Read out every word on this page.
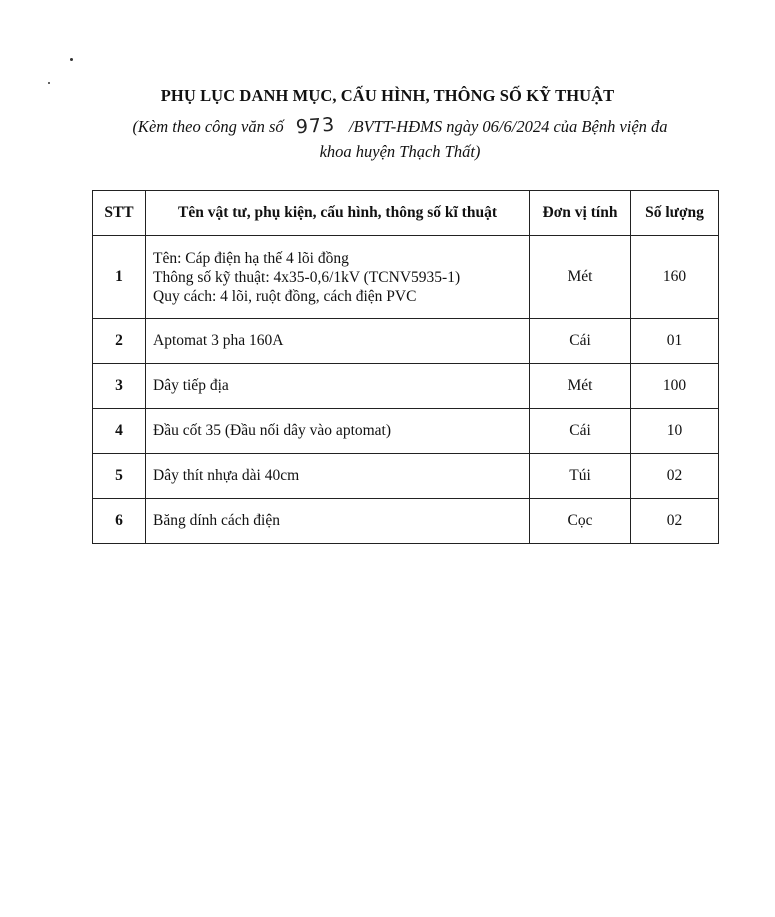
PHỤ LỤC DANH MỤC, CẤU HÌNH, THÔNG SỐ KỸ THUẬT
(Kèm theo công văn số 973 /BVTT-HĐMS ngày 06/6/2024 của Bệnh viện đa
khoa huyện Thạch Thất)
STT	Tên vật tư, phụ kiện, cấu hình, thông số kĩ thuật	Đơn vị tính	Số lượng
1	Tên: Cáp điện hạ thế 4 lõi đồng
Thông số kỹ thuật: 4x35-0,6/1kV (TCNV5935-1)
Quy cách: 4 lõi, ruột đồng, cách điện PVC	Mét	160
2	Aptomat 3 pha 160A	Cái	01
3	Dây tiếp địa	Mét	100
4	Đầu cốt 35 (Đầu nối dây vào aptomat)	Cái	10
5	Dây thít nhựa dài 40cm	Túi	02
6	Băng dính cách điện	Cọc	02
